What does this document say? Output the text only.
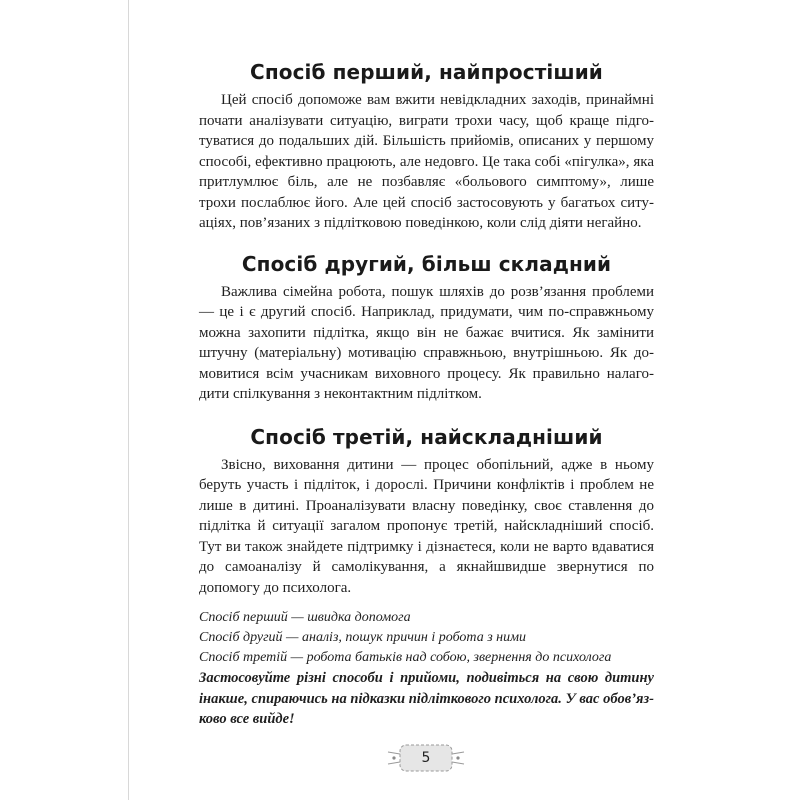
Спосіб перший, найпростіший

Цей спосіб допоможе вам вжити невідкладних заходів, принаймні почати аналізувати ситуацію, виграти трохи часу, щоб краще підготуватися до подальших дій. Більшість прийомів, описаних у першому способі, ефективно працюють, але недовго. Це така собі «пігулка», яка притлумлює біль, але не позбавляє «больового симптому», лише трохи послаблює його. Але цей спосіб застосовують у багатьох ситуаціях, пов’язаних з підлітковою поведінкою, коли слід діяти негайно.

Спосіб другий, більш складний

Важлива сімейна робота, пошук шляхів до розв’язання проблеми — це і є другий спосіб. Наприклад, придумати, чим по-справжньому можна захопити підлітка, якщо він не бажає вчитися. Як замінити штучну (матеріальну) мотивацію справжньою, внутрішньою. Як домовитися всім учасникам виховного процесу. Як правильно налагодити спілкування з неконтактним підлітком.

Спосіб третій, найскладніший

Звісно, виховання дитини — процес обопільний, адже в ньому беруть участь і підліток, і дорослі. Причини конфліктів і проблем не лише в дитині. Проаналізувати власну поведінку, своє ставлення до підлітка й ситуації загалом пропонує третій, найскладніший спосіб. Тут ви також знайдете підтримку і дізнаєтеся, коли не варто вдаватися до самоаналізу й самолікування, а якнайшвидше звернутися по допомогу до психолога.

Спосіб перший — швидка допомога
Спосіб другий — аналіз, пошук причин і робота з ними
Спосіб третій — робота батьків над собою, звернення до психолога

Застосовуйте різні способи і прийоми, подивіться на свою дитину інакше, спираючись на підказки підліткового психолога. У вас обов’язково все вийде!

5
